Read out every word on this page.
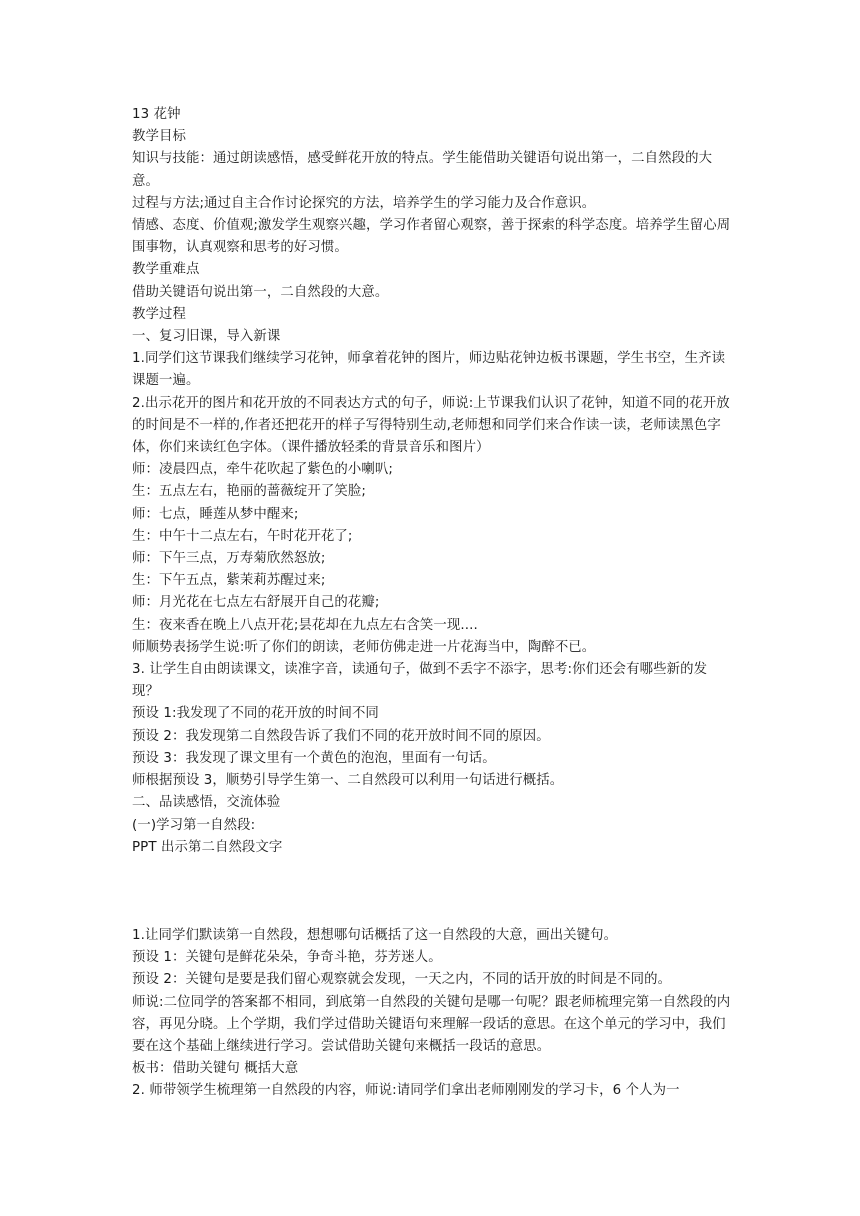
13 花钟

教学目标

知识与技能：通过朗读感悟，感受鲜花开放的特点。学生能借助关键语句说出第一，二自然段的大意。

过程与方法;通过自主合作讨论探究的方法，培养学生的学习能力及合作意识。

情感、态度、价值观;激发学生观察兴趣，学习作者留心观察，善于探索的科学态度。培养学生留心周围事物，认真观察和思考的好习惯。

教学重难点

借助关键语句说出第一，二自然段的大意。

教学过程

一、复习旧课，导入新课

1.同学们这节课我们继续学习花钟，师拿着花钟的图片，师边贴花钟边板书课题，学生书空，生齐读课题一遍。

2.出示花开的图片和花开放的不同表达方式的句子，师说:上节课我们认识了花钟，知道不同的花开放的时间是不一样的,作者还把花开的样子写得特别生动,老师想和同学们来合作读一读，老师读黑色字体，你们来读红色字体。（课件播放轻柔的背景音乐和图片）

师：凌晨四点，牵牛花吹起了紫色的小喇叭;

生：五点左右，艳丽的蔷薇绽开了笑脸;

师：七点，睡莲从梦中醒来;

生：中午十二点左右，午时花开花了;

师：下午三点，万寿菊欣然怒放;

生：下午五点，紫茉莉苏醒过来;

师：月光花在七点左右舒展开自己的花瓣;

生：夜来香在晚上八点开花;昙花却在九点左右含笑一现....

师顺势表扬学生说:听了你们的朗读，老师仿佛走进一片花海当中，陶醉不已。

3. 让学生自由朗读课文，读准字音，读通句子，做到不丢字不添字，思考:你们还会有哪些新的发现？

预设 1:我发现了不同的花开放的时间不同

预设 2：我发现第二自然段告诉了我们不同的花开放时间不同的原因。

预设 3：我发现了课文里有一个黄色的泡泡，里面有一句话。

师根据预设 3，顺势引导学生第一、二自然段可以利用一句话进行概括。

二、品读感悟，交流体验

(一)学习第一自然段:

PPT 出示第二自然段文字

1.让同学们默读第一自然段，想想哪句话概括了这一自然段的大意，画出关键句。

预设 1：关键句是鲜花朵朵，争奇斗艳，芬芳迷人。

预设 2：关键句是要是我们留心观察就会发现，一天之内，不同的话开放的时间是不同的。

师说:二位同学的答案都不相同，到底第一自然段的关键句是哪一句呢？跟老师梳理完第一自然段的内容，再见分晓。上个学期，我们学过借助关键语句来理解一段话的意思。在这个单元的学习中，我们要在这个基础上继续进行学习。尝试借助关键句来概括一段话的意思。

板书：借助关键句 概括大意

2. 师带领学生梳理第一自然段的内容，师说:请同学们拿出老师刚刚发的学习卡，6 个人为一
